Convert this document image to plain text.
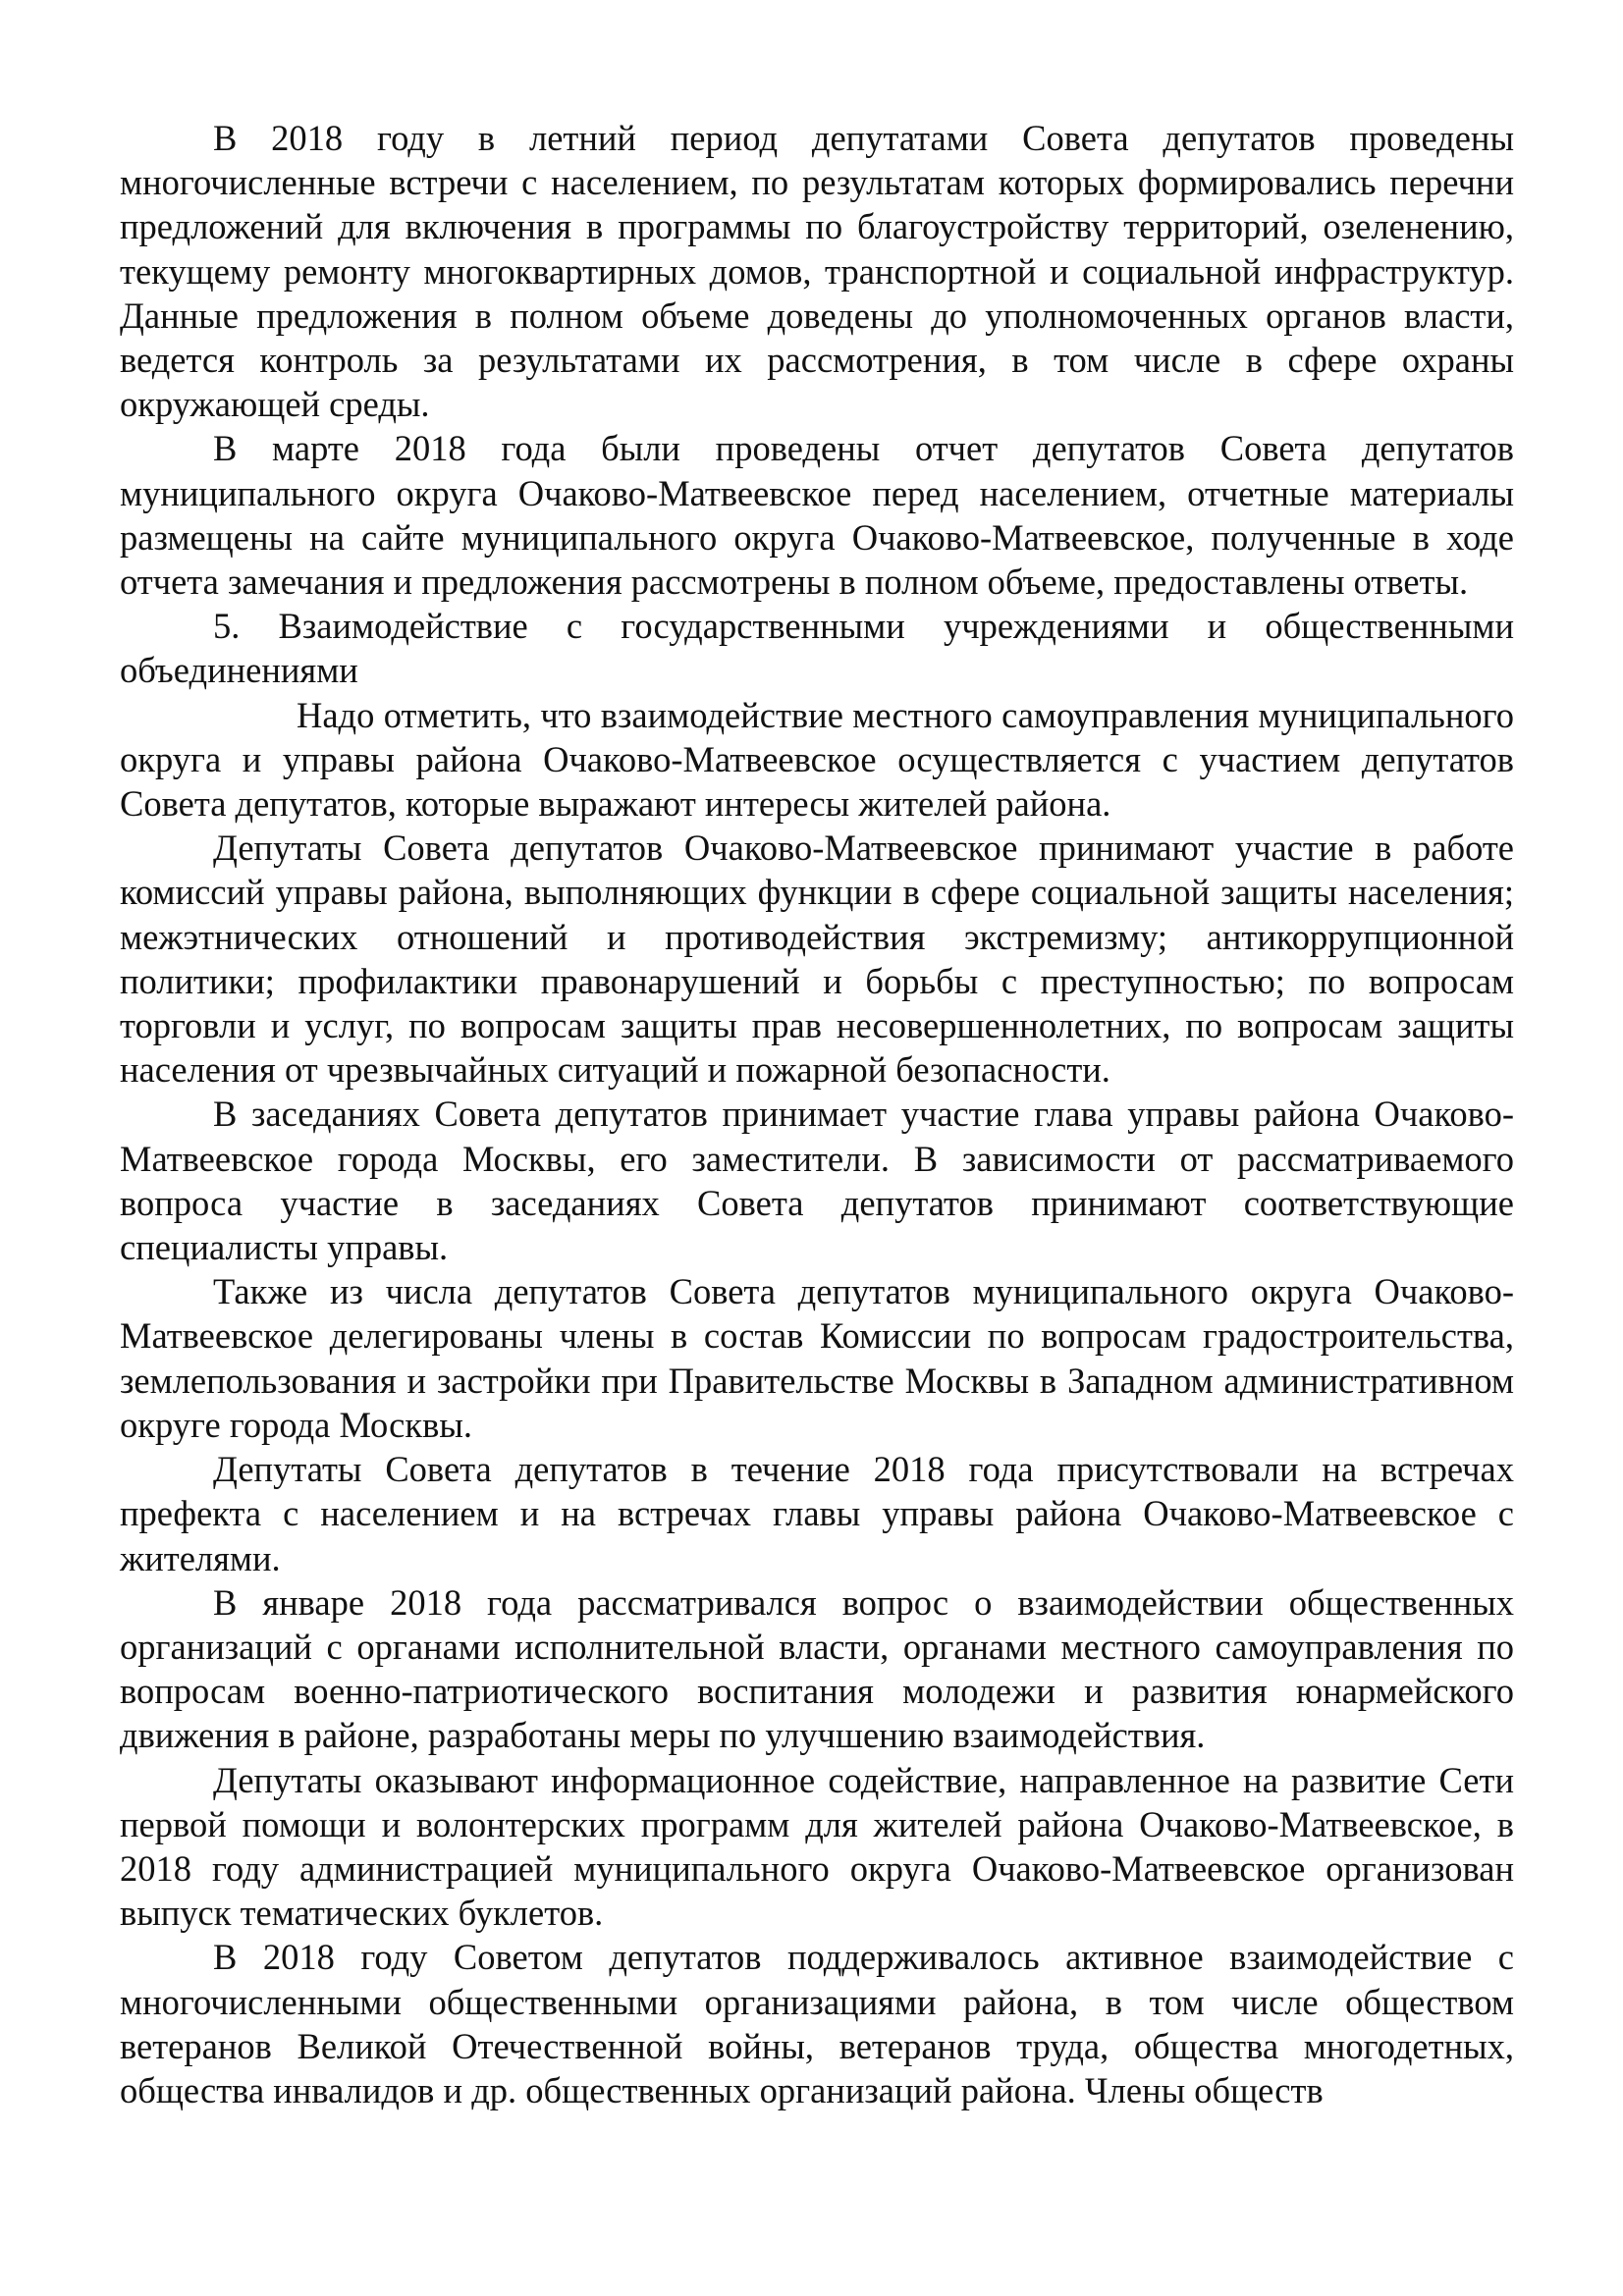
В 2018 году в летний период депутатами Совета депутатов проведены многочисленные встречи с населением, по результатам которых формировались перечни предложений для включения в программы по благоустройству территорий, озеленению, текущему ремонту многоквартирных домов, транспортной и социальной инфраструктур. Данные предложения в полном объеме доведены до уполномоченных органов власти, ведется контроль за результатами их рассмотрения, в том числе в сфере охраны окружающей среды.

В марте 2018 года были проведены отчет депутатов Совета депутатов муниципального округа Очаково-Матвеевское перед населением, отчетные материалы размещены на сайте муниципального округа Очаково-Матвеевское, полученные в ходе отчета замечания и предложения рассмотрены в полном объеме, предоставлены ответы.

5. Взаимодействие с государственными учреждениями и общественными объединениями

Надо отметить, что взаимодействие местного самоуправления муниципального округа и управы района Очаково-Матвеевское осуществляется с участием депутатов Совета депутатов, которые выражают интересы жителей района.

Депутаты Совета депутатов Очаково-Матвеевское принимают участие в работе комиссий управы района, выполняющих функции в сфере социальной защиты населения; межэтнических отношений и противодействия экстремизму; антикоррупционной политики; профилактики правонарушений и борьбы с преступностью; по вопросам торговли и услуг, по вопросам защиты прав несовершеннолетних, по вопросам защиты населения от чрезвычайных ситуаций и пожарной безопасности.

В заседаниях Совета депутатов принимает участие глава управы района Очаково-Матвеевское города Москвы, его заместители. В зависимости от рассматриваемого вопроса участие в заседаниях Совета депутатов принимают соответствующие специалисты управы.

Также из числа депутатов Совета депутатов муниципального округа Очаково-Матвеевское делегированы члены в состав Комиссии по вопросам градостроительства, землепользования и застройки при Правительстве Москвы в Западном административном округе города Москвы.

Депутаты Совета депутатов в течение 2018 года присутствовали на встречах префекта с населением и на встречах главы управы района Очаково-Матвеевское с жителями.

В январе 2018 года рассматривался вопрос о взаимодействии общественных организаций с органами исполнительной власти, органами местного самоуправления по вопросам военно-патриотического воспитания молодежи и развития юнармейского движения в районе, разработаны меры по улучшению взаимодействия.

Депутаты оказывают информационное содействие, направленное на развитие Сети первой помощи и волонтерских программ для жителей района Очаково-Матвеевское, в 2018 году администрацией муниципального округа Очаково-Матвеевское организован выпуск тематических буклетов.

В 2018 году Советом депутатов поддерживалось активное взаимодействие с многочисленными общественными организациями района, в том числе обществом ветеранов Великой Отечественной войны, ветеранов труда, общества многодетных, общества инвалидов и др. общественных организаций района. Члены обществ
